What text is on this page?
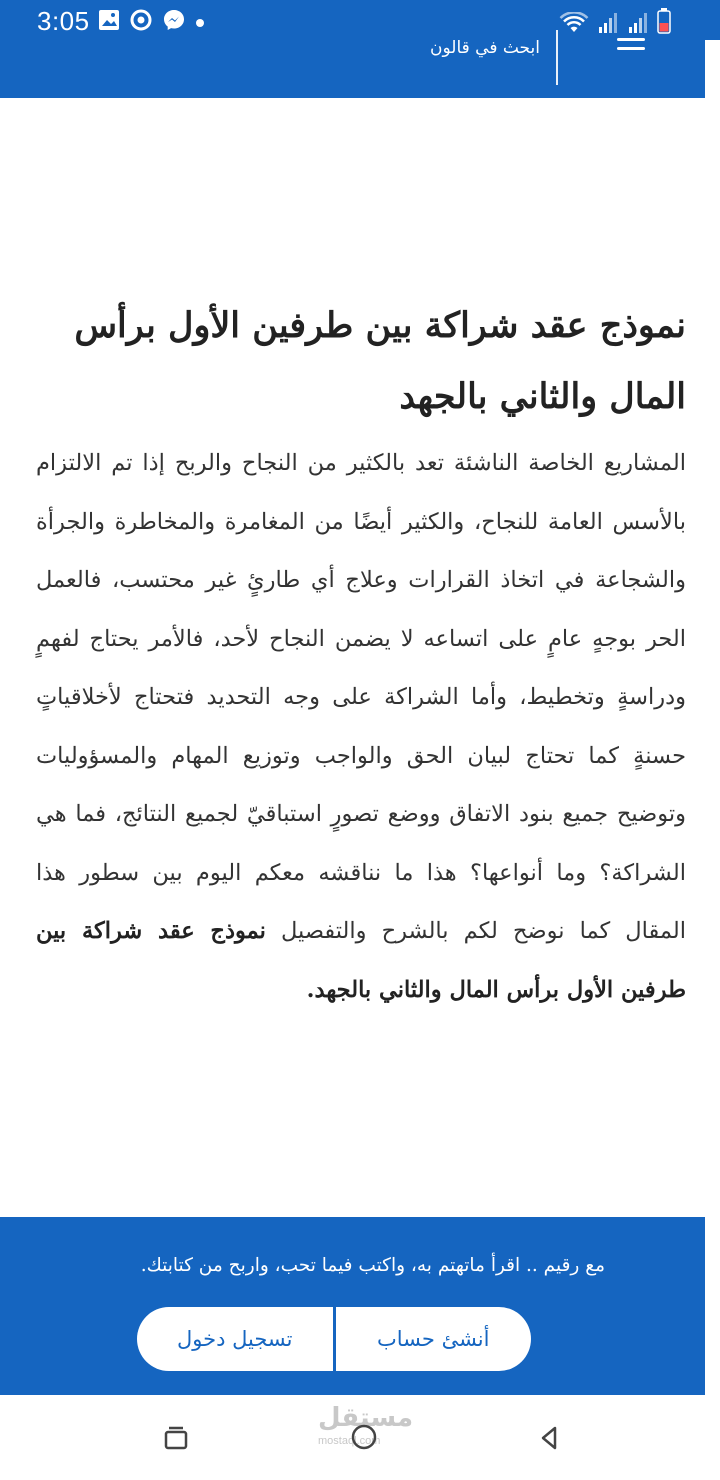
3:05
ابحث في قالون
نموذج عقد شراكة بين طرفين الأول برأس المال والثاني بالجهد

المشاريع الخاصة الناشئة تعد بالكثير من النجاح والربح إذا تم الالتزام بالأسس العامة للنجاح، والكثير أيضًا من المغامرة والمخاطرة والجرأة والشجاعة في اتخاذ القرارات وعلاج أي طارئٍ غير محتسب، فالعمل الحر بوجهٍ عامٍ على اتساعه لا يضمن النجاح لأحد، فالأمر يحتاج لفهمٍ ودراسةٍ وتخطيط، وأما الشراكة على وجه التحديد فتحتاج لأخلاقياتٍ حسنةٍ كما تحتاج لبيان الحق والواجب وتوزيع المهام والمسؤوليات وتوضيح جميع بنود الاتفاق ووضع تصورٍ استباقيّ لجميع النتائج، فما هي الشراكة؟ وما أنواعها؟ هذا ما نناقشه معكم اليوم بين سطور هذا المقال كما نوضح لكم بالشرح والتفصيل نموذج عقد شراكة بين طرفين الأول برأس المال والثاني بالجهد.

مع رقيم .. اقرأ ماتهتم به، واكتب فيما تحب، واربح من كتابتك.
أنشئ حساب
تسجيل دخول
مستقل
mostaql.com
